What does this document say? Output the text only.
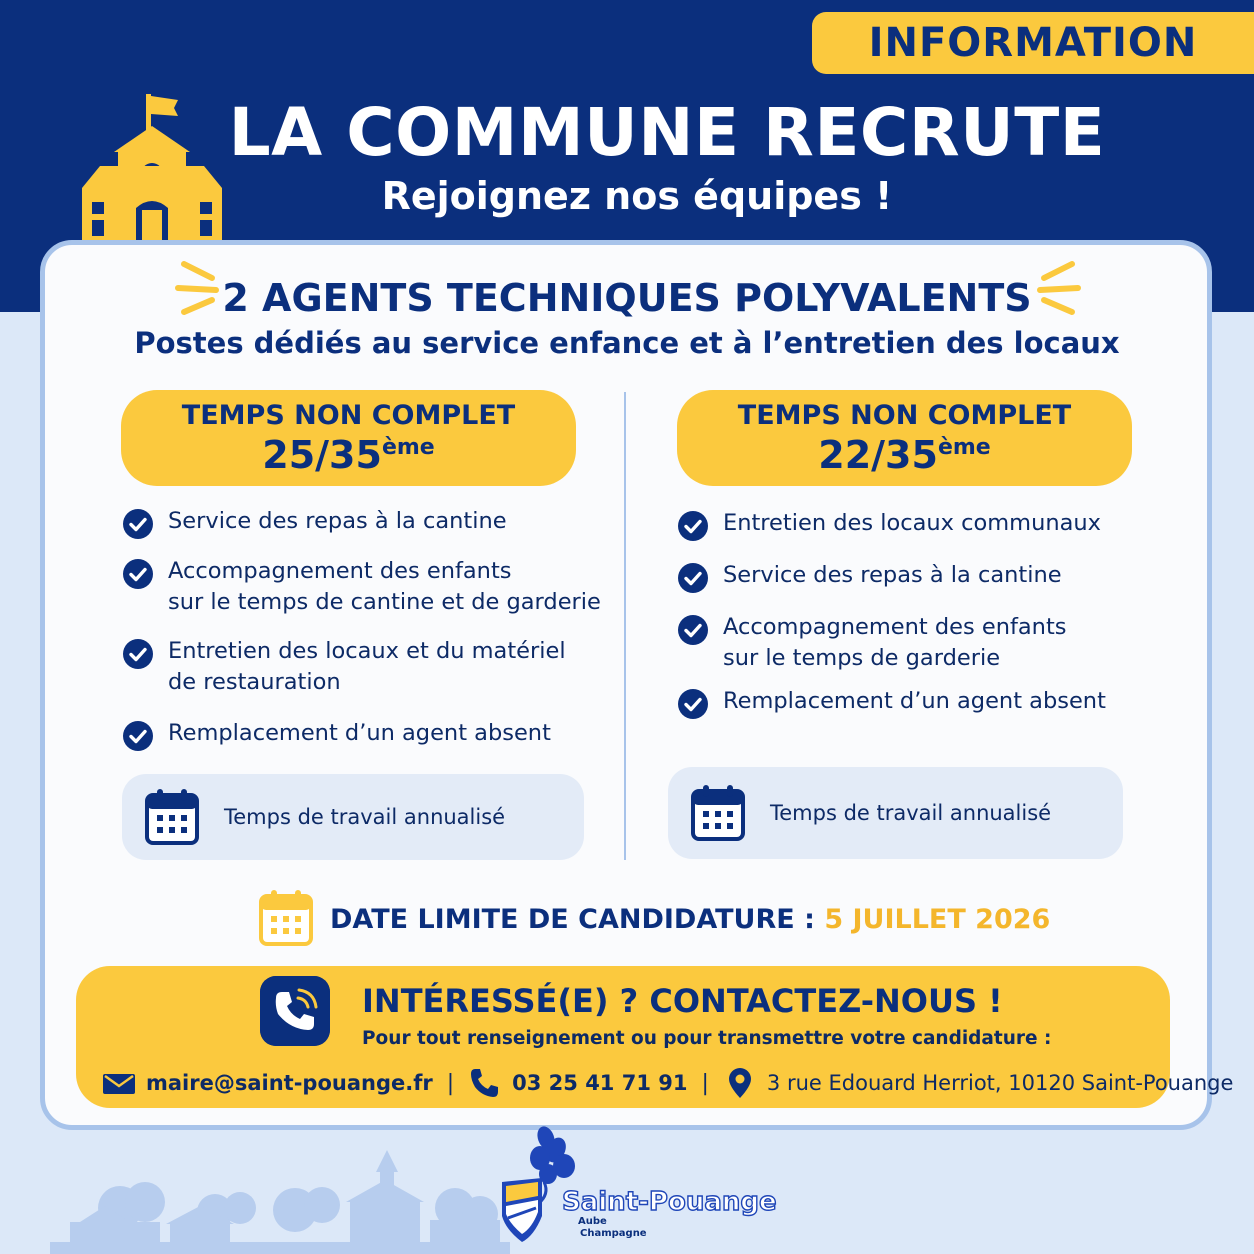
INFORMATION
LA COMMUNE RECRUTE
Rejoignez nos équipes !
2 AGENTS TECHNIQUES POLYVALENTS
Postes dédiés au service enfance et à l’entretien des locaux
TEMPS NON COMPLET
25/35ème
Service des repas à la cantine
Accompagnement des enfants
sur le temps de cantine et de garderie
Entretien des locaux et du matériel
de restauration
Remplacement d’un agent absent
Temps de travail annualisé
TEMPS NON COMPLET
22/35ème
Entretien des locaux communaux
Service des repas à la cantine
Accompagnement des enfants
sur le temps de garderie
Remplacement d’un agent absent
Temps de travail annualisé
DATE LIMITE DE CANDIDATURE : 5 JUILLET 2026
INTÉRESSÉ(E) ? CONTACTEZ-NOUS !
Pour tout renseignement ou pour transmettre votre candidature :
maire@saint-pouange.fr |	03 25 41 71 91 |	3 rue Edouard Herriot, 10120 Saint-Pouange
Saint-Pouange
Aube
Champagne
